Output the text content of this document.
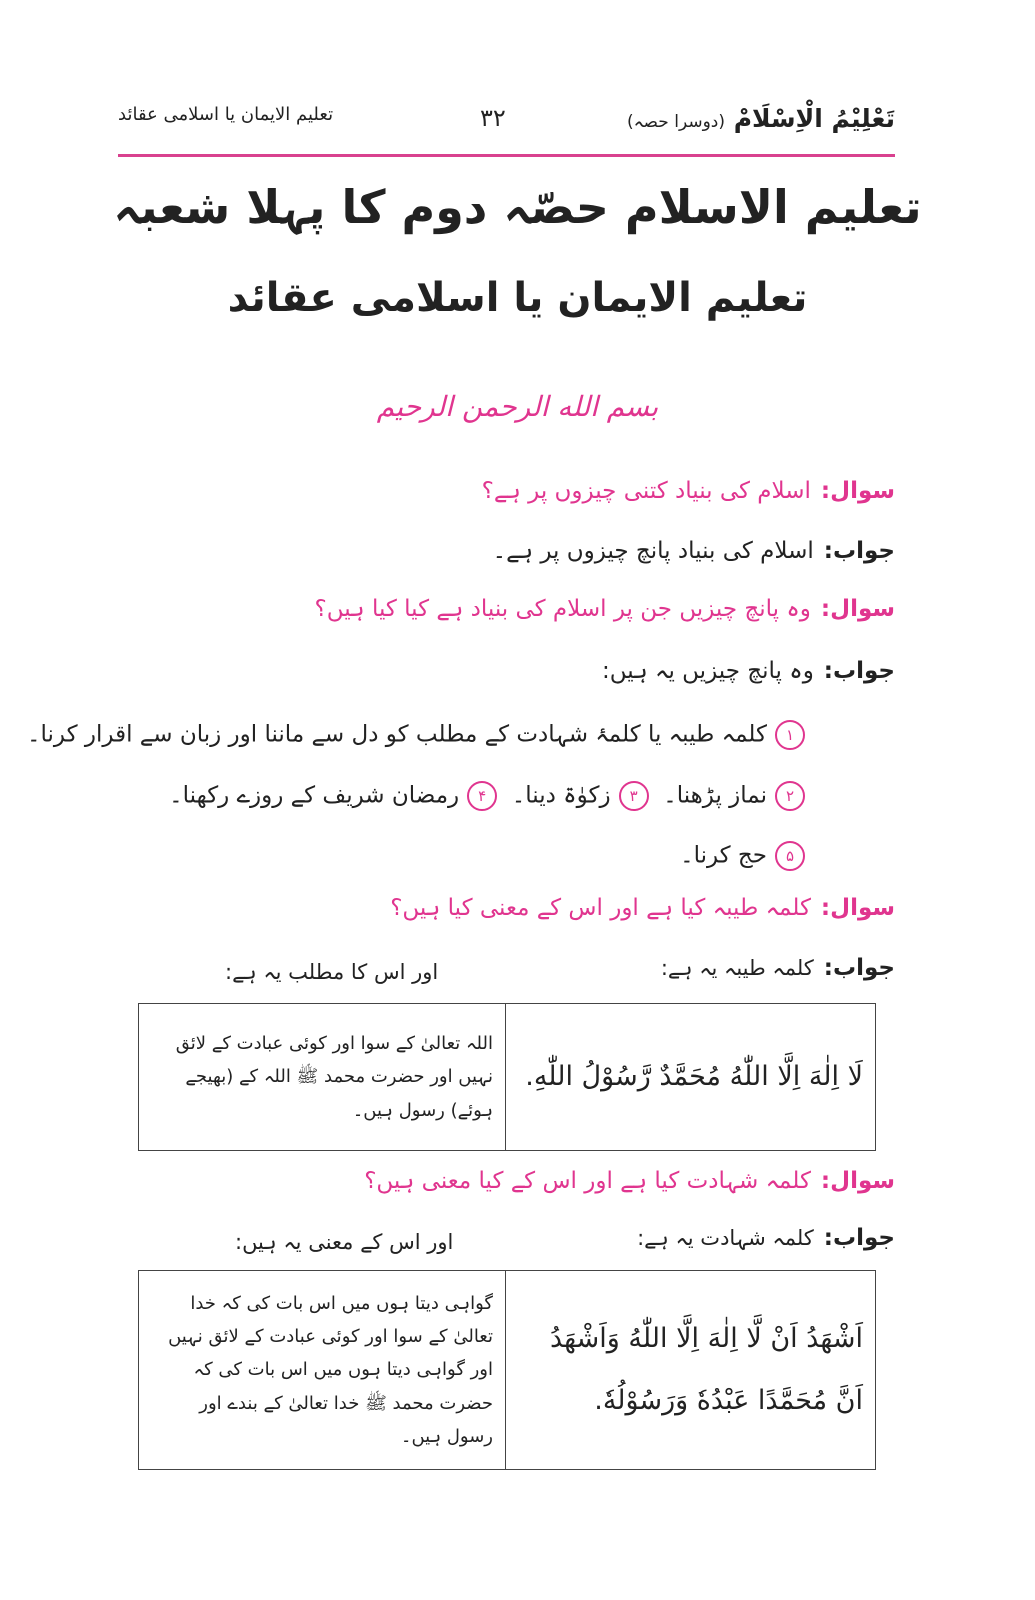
تَعْلِيْمُ الْاِسْلَامْ (دوسرا حصہ)
۳۲
تعلیم الایمان یا اسلامی عقائد
تعلیم الاسلام حصّہ دوم کا پہلا شعبہ
تعلیم الایمان یا اسلامی عقائد
بسم الله الرحمن الرحيم
سوال:اسلام کی بنیاد کتنی چیزوں پر ہے؟
جواب:اسلام کی بنیاد پانچ چیزوں پر ہے۔
سوال:وہ پانچ چیزیں جن پر اسلام کی بنیاد ہے کیا کیا ہیں؟
جواب:وہ پانچ چیزیں یہ ہیں:
۱کلمہ طیبہ یا کلمۂ شہادت کے مطلب کو دل سے ماننا اور زبان سے اقرار کرنا۔
۲نماز پڑھنا۔  ۳زکوٰۃ دینا۔  ۴رمضان شریف کے روزے رکھنا۔
۵حج کرنا۔
سوال:کلمہ طیبہ کیا ہے اور اس کے معنی کیا ہیں؟
جواب:کلمہ طیبہ یہ ہے:
اور اس کا مطلب یہ ہے:
لَا اِلٰهَ اِلَّا اللّٰهُ مُحَمَّدٌ رَّسُوْلُ اللّٰهِ.	اللہ تعالیٰ کے سوا اور کوئی عبادت کے لائق نہیں اور حضرت محمد ﷺ اللہ کے (بھیجے ہوئے) رسول ہیں۔
سوال:کلمہ شہادت کیا ہے اور اس کے کیا معنی ہیں؟
جواب:کلمہ شہادت یہ ہے:
اور اس کے معنی یہ ہیں:
اَشْهَدُ اَنْ لَّا اِلٰهَ اِلَّا اللّٰهُ وَاَشْهَدُ اَنَّ مُحَمَّدًا عَبْدُهٗ وَرَسُوْلُهٗ.	گواہی دیتا ہوں میں اس بات کی کہ خدا تعالیٰ کے سوا اور کوئی عبادت کے لائق نہیں اور گواہی دیتا ہوں میں اس بات کی کہ حضرت محمد ﷺ خدا تعالیٰ کے بندے اور رسول ہیں۔
